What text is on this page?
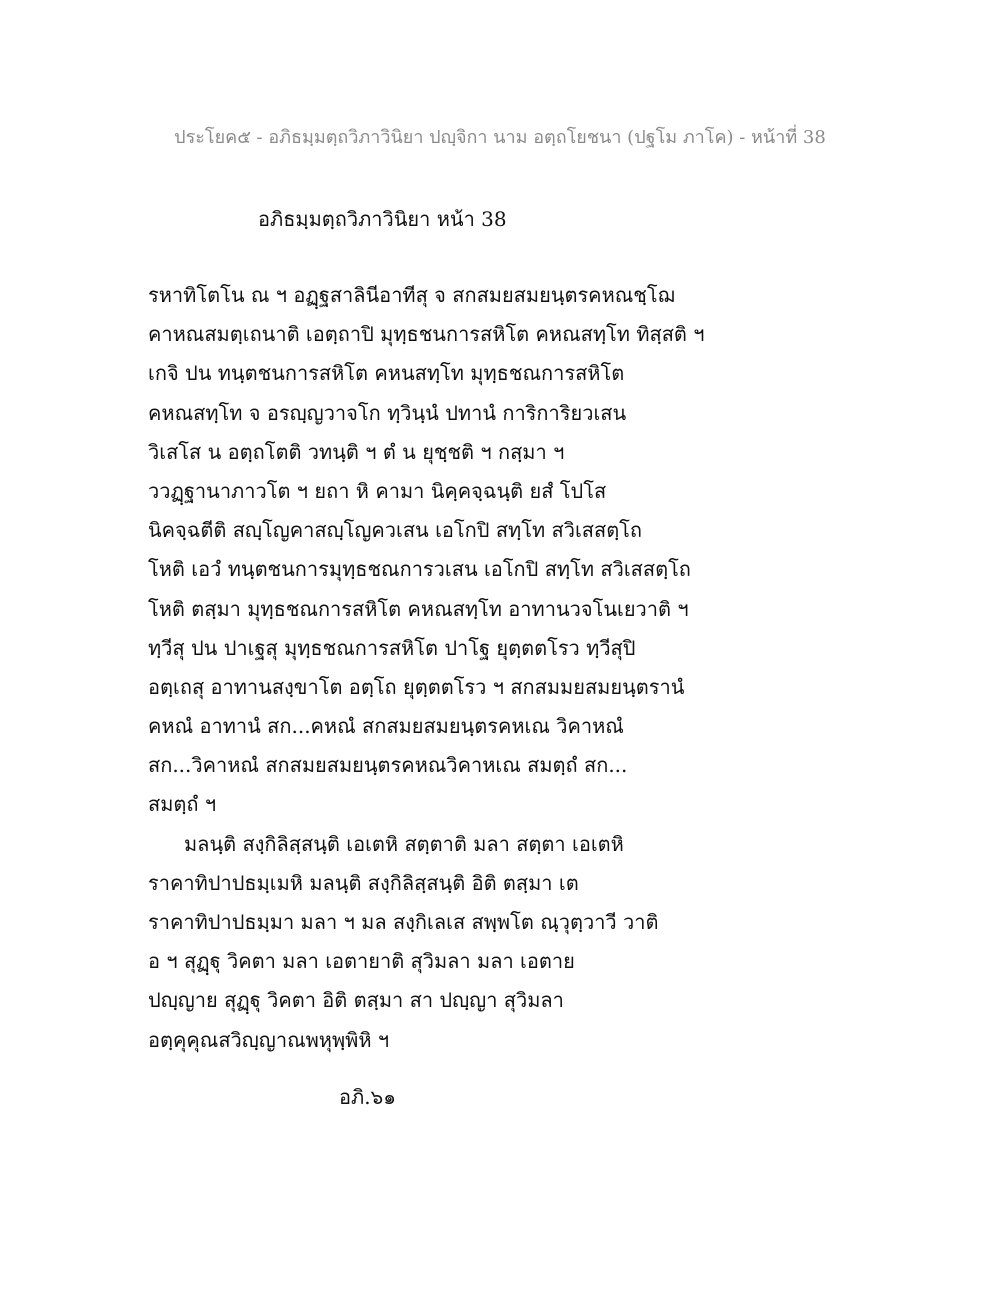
ประโยค๕ - อภิธมฺมตฺถวิภาวินิยา ปญฺจิกา นาม อตฺถโยชนา (ปฐโม ภาโค) - หน้าที่ 38
อภิธมฺมตฺถวิภาวินิยา หน้า 38
รหาทิโตโน ณ ฯ อฏฺฐสาลินีอาทีสุ จ สกสมยสมยนฺตรคหณชฺโฌ
คาหณสมตฺเถนาติ เอตฺถาปิ มุทฺธชนการสหิโต คหณสทฺโท ทิสฺสติ ฯ
เกจิ ปน ทนฺตชนการสหิโต คหนสทฺโท มุทฺธชณการสหิโต
คหณสทฺโท จ อรญฺญวาจโก ทฺวินฺนํ ปทานํ การิการิยวเสน
วิเสโส น อตฺถโตติ วทนฺติ ฯ ตํ น ยุชฺชติ ฯ กสฺมา ฯ
ววฏฺฐานาภาวโต ฯ ยถา หิ คามา นิคฺคจฺฉนฺติ ยสํ โปโส
นิคจฺฉตีติ สญฺโญคาสญฺโญควเสน เอโกปิ สทฺโท สวิเสสตฺโถ
โหติ เอวํ ทนฺตชนการมุทฺธชณการวเสน เอโกปิ สทฺโท สวิเสสตฺโถ
โหติ ตสฺมา มุทฺธชณการสหิโต คหณสทฺโท อาทานวจโนเยวาติ ฯ
ทฺวีสุ ปน ปาเฐสุ มุทฺธชณการสหิโต ปาโฐ ยุตฺตตโรว ทฺวีสุปิ
อตฺเถสุ อาทานสงฺขาโต อตฺโถ ยุตฺตตโรว ฯ สกสมมยสมยนฺตรานํ
คหณํ อาทานํ สก...คหณํ สกสมยสมยนฺตรคหเณ วิคาหณํ
สก...วิคาหณํ สกสมยสมยนฺตรคหณวิคาหเณ สมตฺถํ สก...
สมตฺถํ ฯ
มลนฺติ สงฺกิลิสฺสนฺติ เอเตหิ สตฺตาติ มลา สตฺตา เอเตหิ
ราคาทิปาปธมฺเมหิ มลนฺติ สงฺกิลิสฺสนฺติ อิติ ตสฺมา เต
ราคาทิปาปธมฺมา มลา ฯ มล สงฺกิเลเส สพฺพโต ณฺวุตฺวาวี วาติ
อ ฯ สุฏฺฐุ วิคตา มลา เอตายาติ สุวิมลา มลา เอตาย
ปญฺญาย สุฏฺฐุ วิคตา อิติ ตสฺมา สา ปญฺญา สุวิมลา
อตฺคุคุณสวิญฺญาณพหุพฺพิหิ ฯ
อภิ.๖๑
